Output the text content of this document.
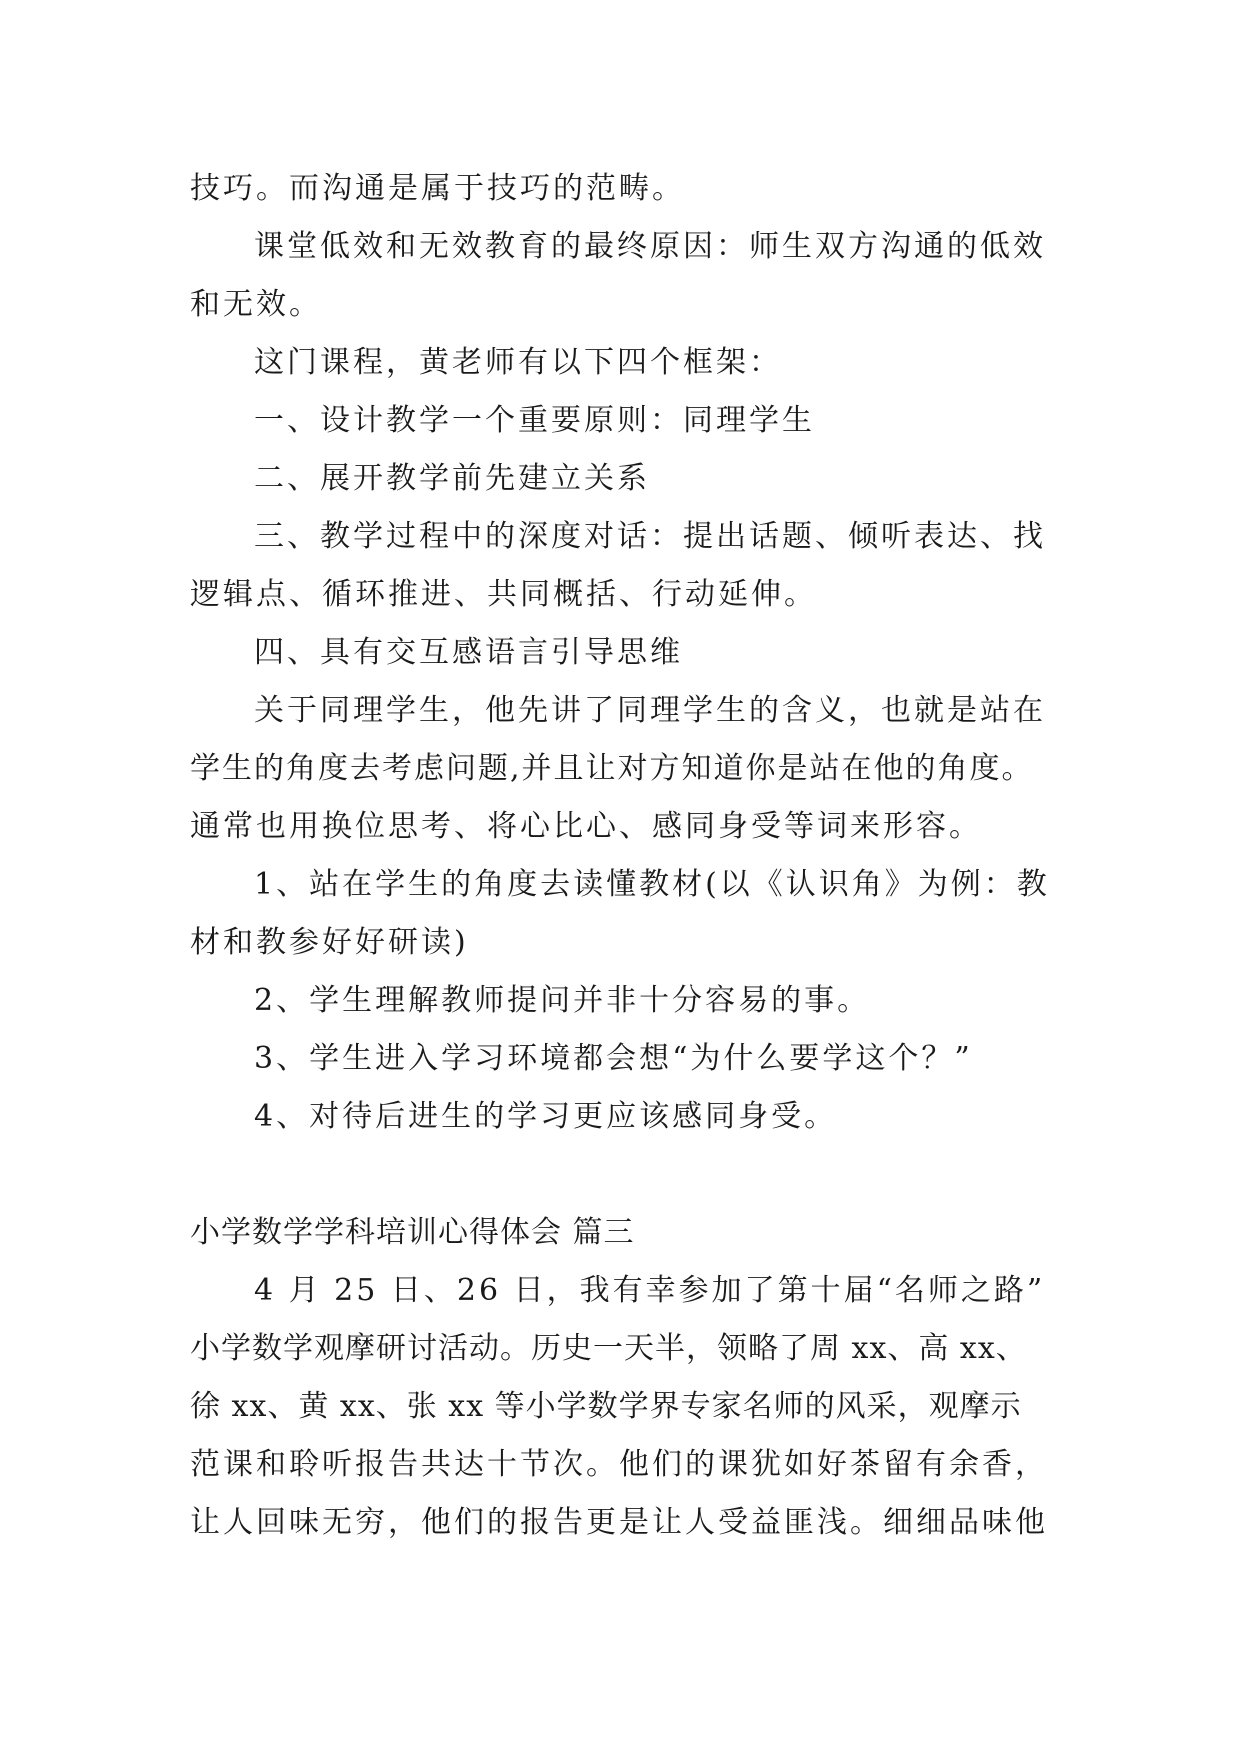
技巧。而沟通是属于技巧的范畴。
课堂低效和无效教育的最终原因：师生双方沟通的低效
和无效。
这门课程，黄老师有以下四个框架：
一、设计教学一个重要原则：同理学生
二、展开教学前先建立关系
三、教学过程中的深度对话：提出话题、倾听表达、找
逻辑点、循环推进、共同概括、行动延伸。
四、具有交互感语言引导思维
关于同理学生，他先讲了同理学生的含义，也就是站在
学生的角度去考虑问题,并且让对方知道你是站在他的角度。
通常也用换位思考、将心比心、感同身受等词来形容。
1、站在学生的角度去读懂教材(以《认识角》为例：教
材和教参好好研读)
2、学生理解教师提问并非十分容易的事。
3、学生进入学习环境都会想“为什么要学这个？”
4、对待后进生的学习更应该感同身受。
小学数学学科培训心得体会 篇三
4 月 25 日、26 日，我有幸参加了第十届“名师之路”
小学数学观摩研讨活动。历史一天半，领略了周 xx、高 xx、
徐 xx、黄 xx、张 xx 等小学数学界专家名师的风采，观摩示
范课和聆听报告共达十节次。他们的课犹如好茶留有余香，
让人回味无穷，他们的报告更是让人受益匪浅。细细品味他
